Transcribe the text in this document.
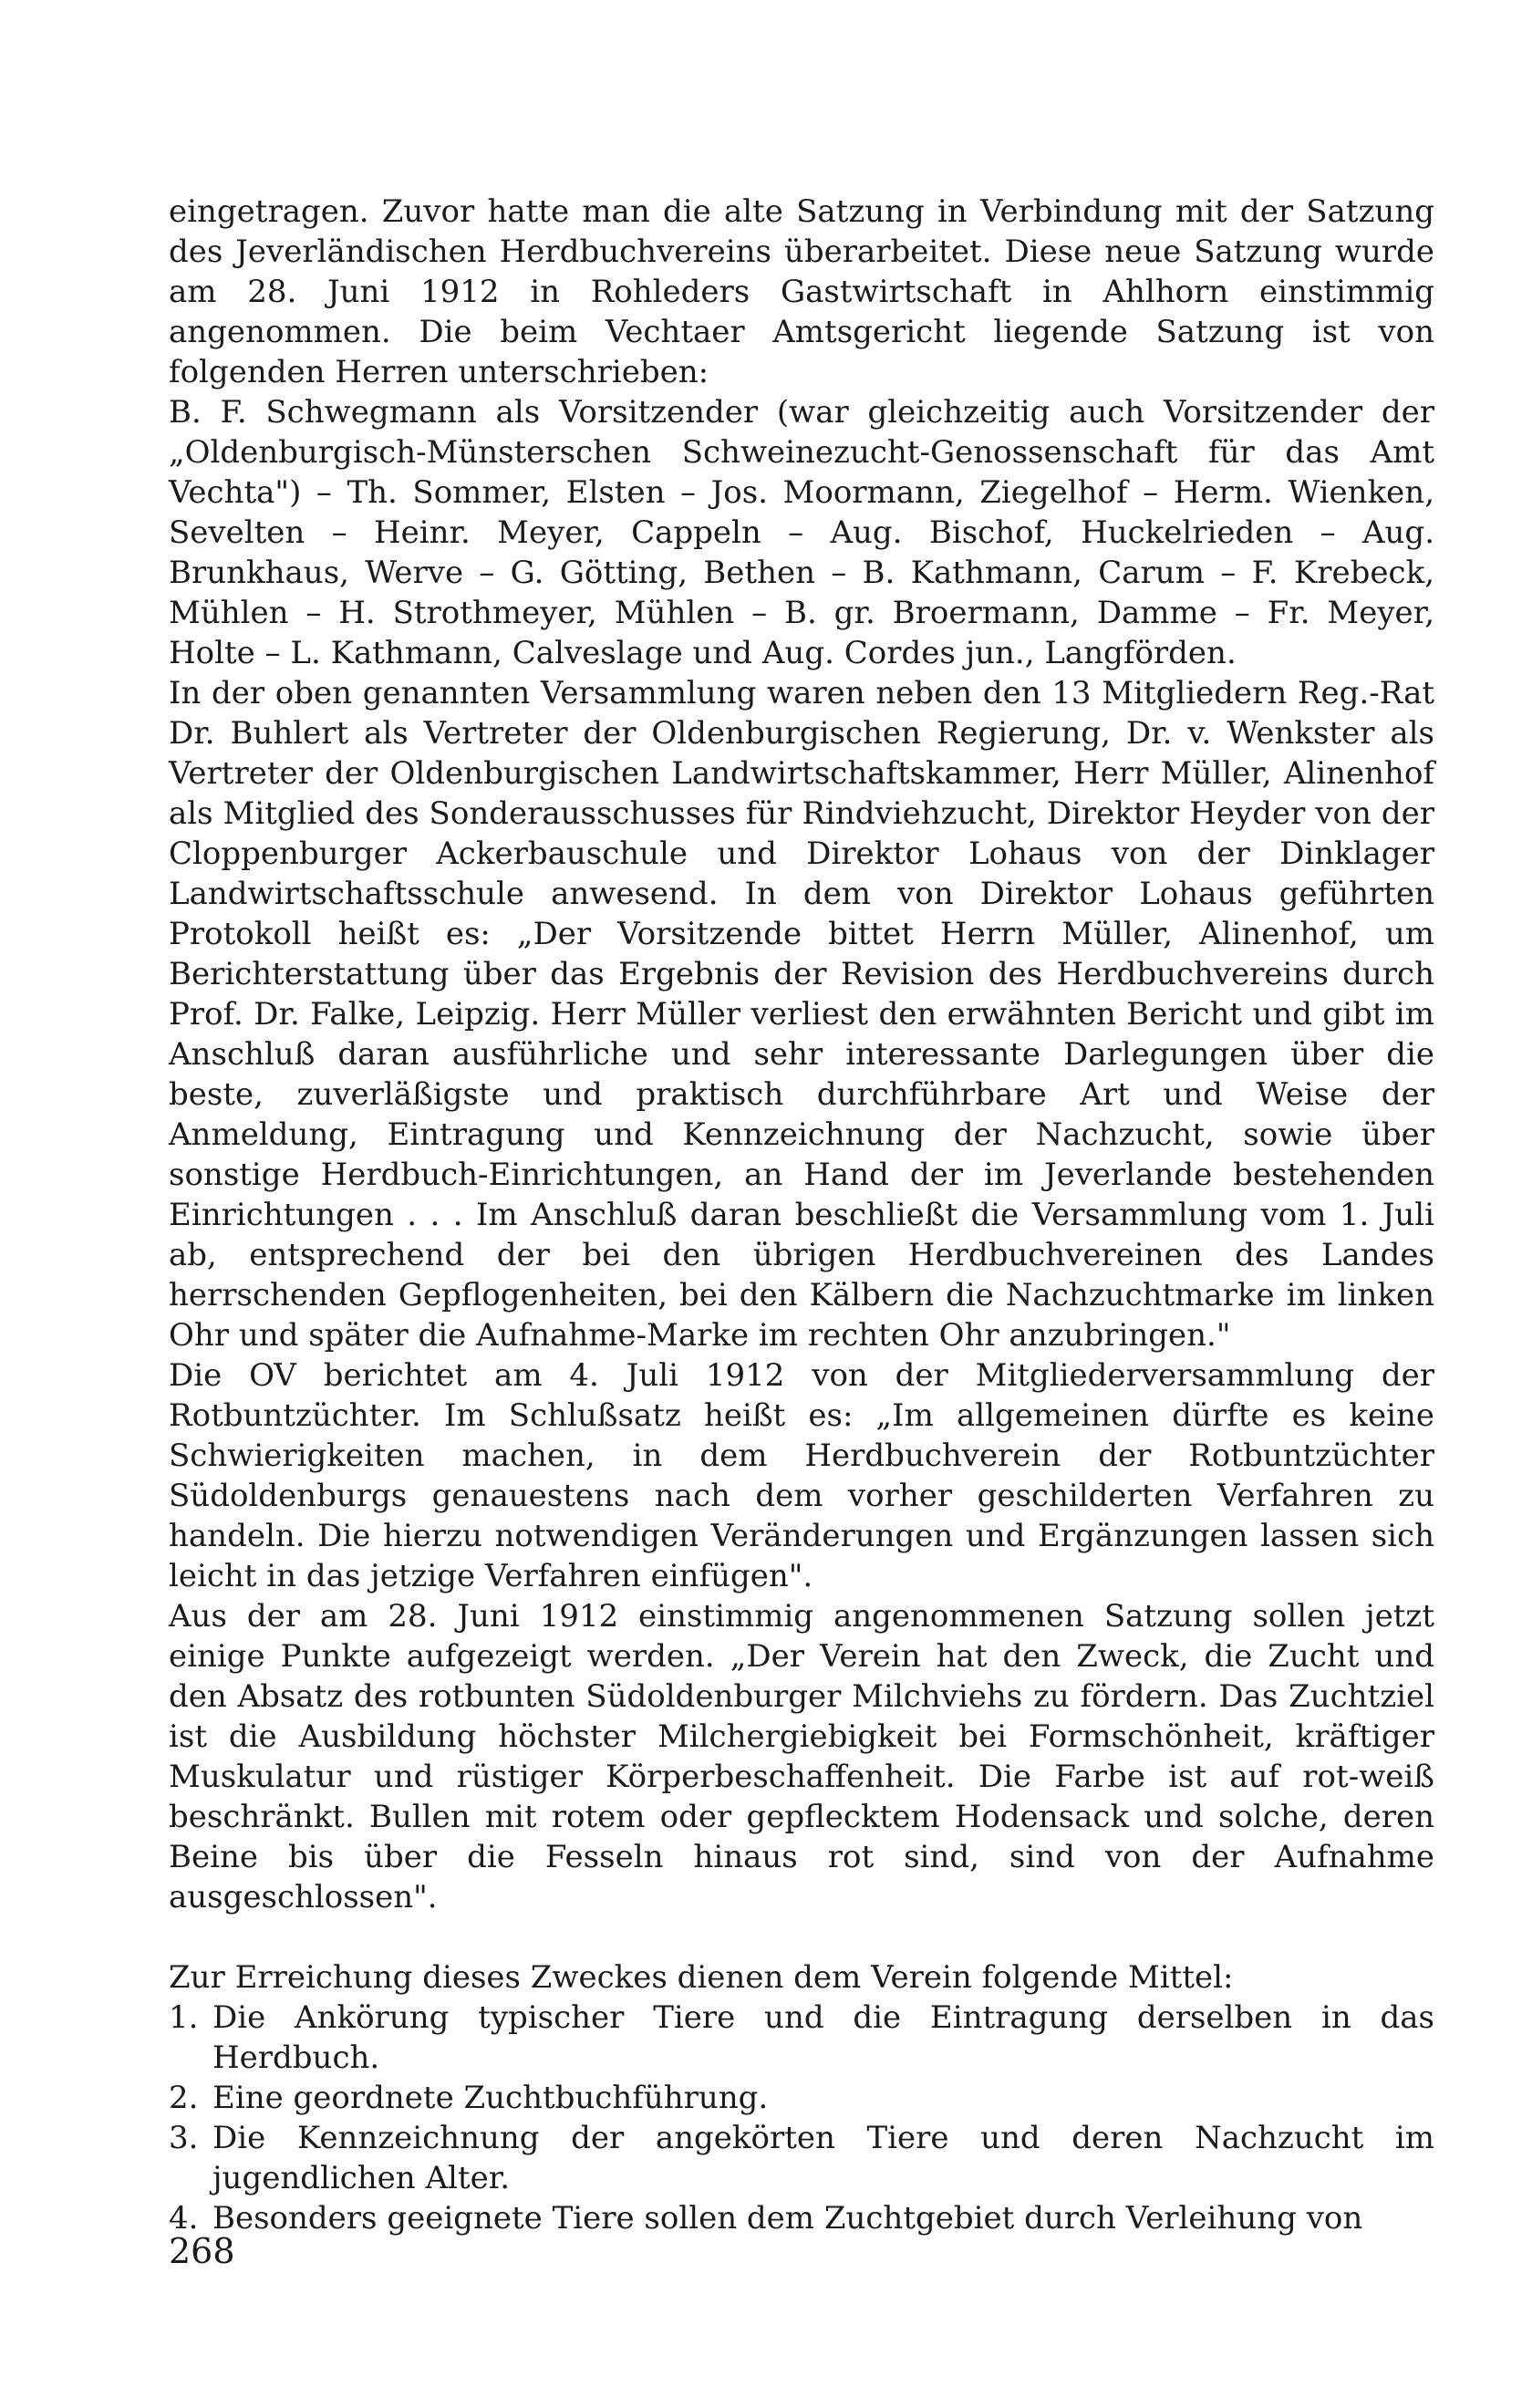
eingetragen. Zuvor hatte man die alte Satzung in Verbindung mit der Satzung des Jeverländischen Herdbuchvereins überarbeitet. Diese neue Satzung wurde am 28. Juni 1912 in Rohleders Gastwirtschaft in Ahlhorn einstimmig angenommen. Die beim Vechtaer Amtsgericht liegende Satzung ist von folgenden Herren unterschrieben:

B. F. Schwegmann als Vorsitzender (war gleichzeitig auch Vorsitzender der „Oldenburgisch-Münsterschen Schweinezucht-Genossenschaft für das Amt Vechta") – Th. Sommer, Elsten – Jos. Moormann, Ziegelhof – Herm. Wienken, Sevelten – Heinr. Meyer, Cappeln – Aug. Bischof, Huckelrieden – Aug. Brunkhaus, Werve – G. Götting, Bethen – B. Kathmann, Carum – F. Krebeck, Mühlen – H. Strothmeyer, Mühlen – B. gr. Broermann, Damme – Fr. Meyer, Holte – L. Kathmann, Calveslage und Aug. Cordes jun., Langförden.

In der oben genannten Versammlung waren neben den 13 Mitgliedern Reg.-Rat Dr. Buhlert als Vertreter der Oldenburgischen Regierung, Dr. v. Wenkster als Vertreter der Oldenburgischen Landwirtschaftskammer, Herr Müller, Alinenhof als Mitglied des Sonderausschusses für Rindviehzucht, Direktor Heyder von der Cloppenburger Ackerbauschule und Direktor Lohaus von der Dinklager Landwirtschaftsschule anwesend. In dem von Direktor Lohaus geführten Protokoll heißt es: „Der Vorsitzende bittet Herrn Müller, Alinenhof, um Berichterstattung über das Ergebnis der Revision des Herdbuchvereins durch Prof. Dr. Falke, Leipzig. Herr Müller verliest den erwähnten Bericht und gibt im Anschluß daran ausführliche und sehr interessante Darlegungen über die beste, zuverläßigste und praktisch durchführbare Art und Weise der Anmeldung, Eintragung und Kennzeichnung der Nachzucht, sowie über sonstige Herdbuch-Einrichtungen, an Hand der im Jeverlande bestehenden Einrichtungen . . . Im Anschluß daran beschließt die Versammlung vom 1. Juli ab, entsprechend der bei den übrigen Herdbuchvereinen des Landes herrschenden Gepflogenheiten, bei den Kälbern die Nachzuchtmarke im linken Ohr und später die Aufnahme-Marke im rechten Ohr anzubringen."

Die OV berichtet am 4. Juli 1912 von der Mitgliederversammlung der Rotbuntzüchter. Im Schlußsatz heißt es: „Im allgemeinen dürfte es keine Schwierigkeiten machen, in dem Herdbuchverein der Rotbuntzüchter Südoldenburgs genauestens nach dem vorher geschilderten Verfahren zu handeln. Die hierzu notwendigen Veränderungen und Ergänzungen lassen sich leicht in das jetzige Verfahren einfügen".

Aus der am 28. Juni 1912 einstimmig angenommenen Satzung sollen jetzt einige Punkte aufgezeigt werden. „Der Verein hat den Zweck, die Zucht und den Absatz des rotbunten Südoldenburger Milchviehs zu fördern. Das Zuchtziel ist die Ausbildung höchster Milchergiebigkeit bei Formschönheit, kräftiger Muskulatur und rüstiger Körperbeschaffenheit. Die Farbe ist auf rot-weiß beschränkt. Bullen mit rotem oder gepflecktem Hodensack und solche, deren Beine bis über die Fesseln hinaus rot sind, sind von der Aufnahme ausgeschlossen".

Zur Erreichung dieses Zweckes dienen dem Verein folgende Mittel:

1. Die Ankörung typischer Tiere und die Eintragung derselben in das Herdbuch.
2. Eine geordnete Zuchtbuchführung.
3. Die Kennzeichnung der angekörten Tiere und deren Nachzucht im jugendlichen Alter.
4. Besonders geeignete Tiere sollen dem Zuchtgebiet durch Verleihung von
268
